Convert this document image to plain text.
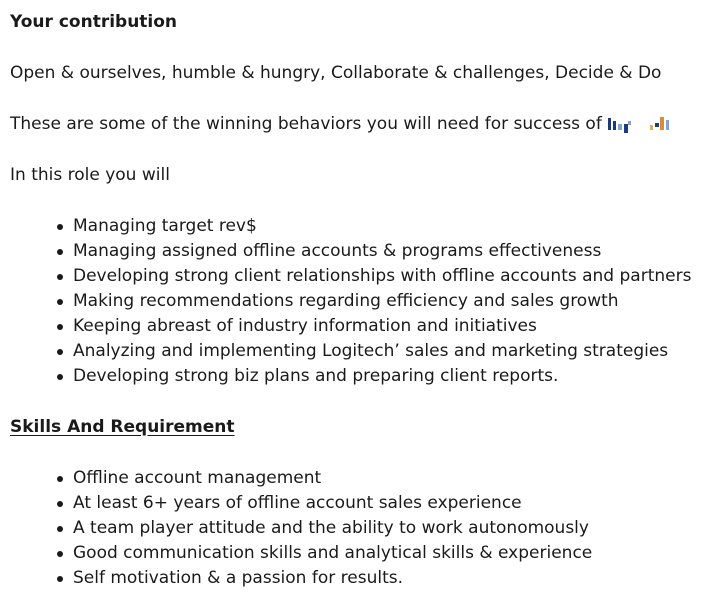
Your contribution

Open & ourselves, humble & hungry, Collaborate & challenges, Decide & Do

These are some of the winning behaviors you will need for success of

In this role you will

Managing target rev$
Managing assigned offline accounts & programs effectiveness
Developing strong client relationships with offline accounts and partners
Making recommendations regarding efficiency and sales growth
Keeping abreast of industry information and initiatives
Analyzing and implementing Logitech’ sales and marketing strategies
Developing strong biz plans and preparing client reports.

Skills And Requirement

Offline account management
At least 6+ years of offline account sales experience
A team player attitude and the ability to work autonomously
Good communication skills and analytical skills & experience
Self motivation & a passion for results.
